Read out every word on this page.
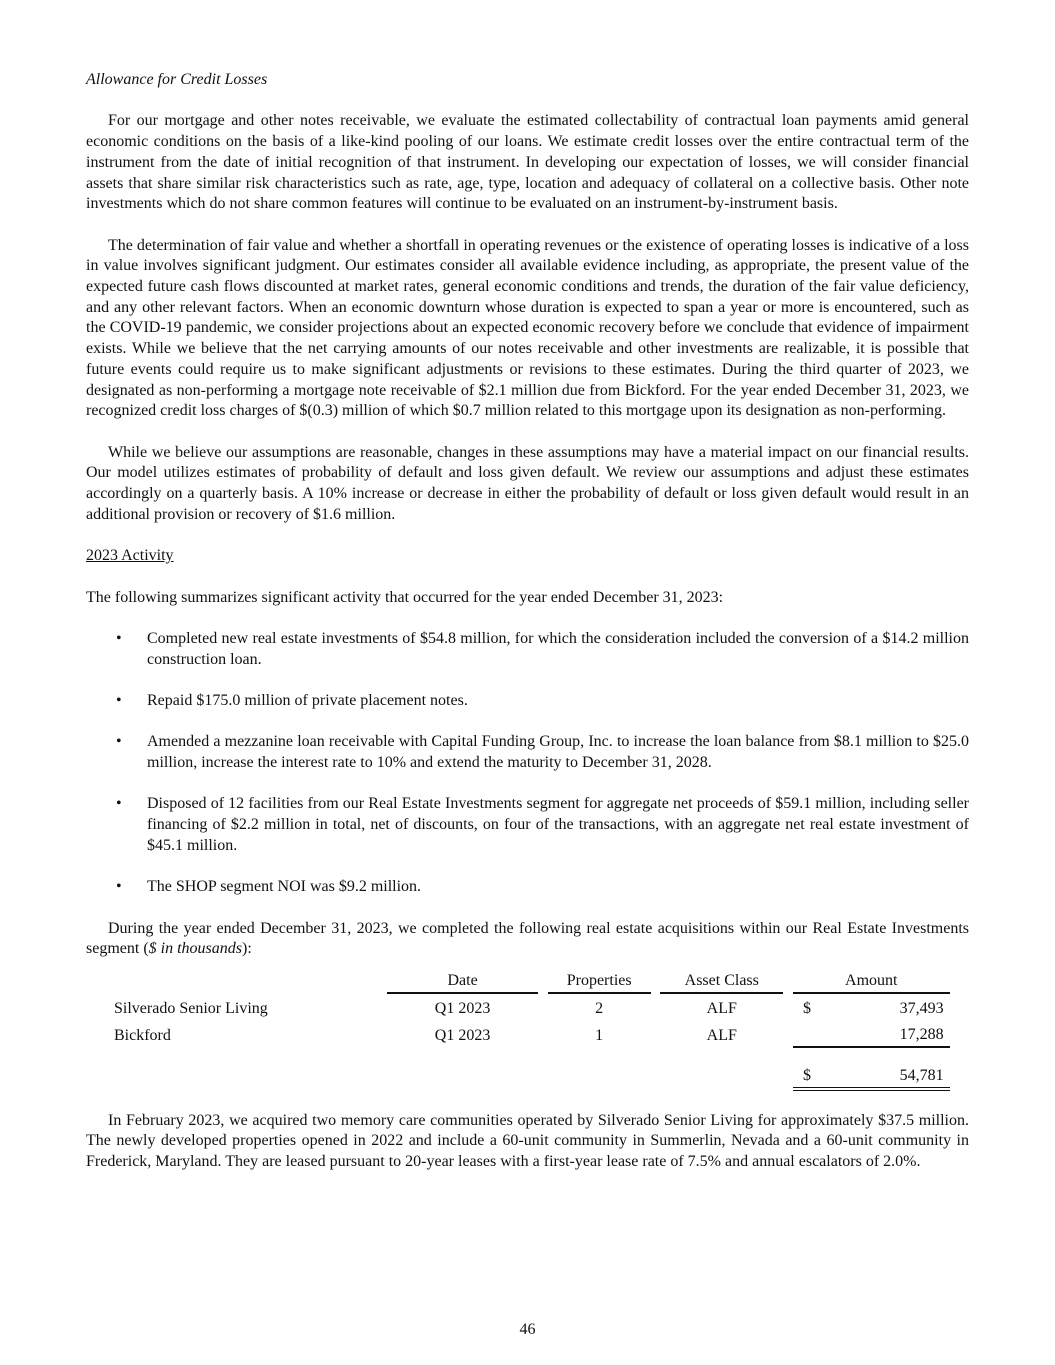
Allowance for Credit Losses

For our mortgage and other notes receivable, we evaluate the estimated collectability of contractual loan payments amid general economic conditions on the basis of a like-kind pooling of our loans. We estimate credit losses over the entire contractual term of the instrument from the date of initial recognition of that instrument. In developing our expectation of losses, we will consider financial assets that share similar risk characteristics such as rate, age, type, location and adequacy of collateral on a collective basis. Other note investments which do not share common features will continue to be evaluated on an instrument-by-instrument basis.

The determination of fair value and whether a shortfall in operating revenues or the existence of operating losses is indicative of a loss in value involves significant judgment. Our estimates consider all available evidence including, as appropriate, the present value of the expected future cash flows discounted at market rates, general economic conditions and trends, the duration of the fair value deficiency, and any other relevant factors. When an economic downturn whose duration is expected to span a year or more is encountered, such as the COVID-19 pandemic, we consider projections about an expected economic recovery before we conclude that evidence of impairment exists. While we believe that the net carrying amounts of our notes receivable and other investments are realizable, it is possible that future events could require us to make significant adjustments or revisions to these estimates. During the third quarter of 2023, we designated as non-performing a mortgage note receivable of $2.1 million due from Bickford. For the year ended December 31, 2023, we recognized credit loss charges of $(0.3) million of which $0.7 million related to this mortgage upon its designation as non-performing.

While we believe our assumptions are reasonable, changes in these assumptions may have a material impact on our financial results. Our model utilizes estimates of probability of default and loss given default. We review our assumptions and adjust these estimates accordingly on a quarterly basis. A 10% increase or decrease in either the probability of default or loss given default would result in an additional provision or recovery of $1.6 million.

2023 Activity

The following summarizes significant activity that occurred for the year ended December 31, 2023:

• Completed new real estate investments of $54.8 million, for which the consideration included the conversion of a $14.2 million construction loan.
• Repaid $175.0 million of private placement notes.
• Amended a mezzanine loan receivable with Capital Funding Group, Inc. to increase the loan balance from $8.1 million to $25.0 million, increase the interest rate to 10% and extend the maturity to December 31, 2028.
• Disposed of 12 facilities from our Real Estate Investments segment for aggregate net proceeds of $59.1 million, including seller financing of $2.2 million in total, net of discounts, on four of the transactions, with an aggregate net real estate investment of $45.1 million.
• The SHOP segment NOI was $9.2 million.

During the year ended December 31, 2023, we completed the following real estate acquisitions within our Real Estate Investments segment ($ in thousands):

	Date		Properties		Asset Class		Amount	
Silverado Senior Living	Q1 2023		2		ALF		$ 37,493	

Bickford	Q1 2023		1		ALF		17,288	

							$ 54,781	

In February 2023, we acquired two memory care communities operated by Silverado Senior Living for approximately $37.5 million. The newly developed properties opened in 2022 and include a 60-unit community in Summerlin, Nevada and a 60-unit community in Frederick, Maryland. They are leased pursuant to 20-year leases with a first-year lease rate of 7.5% and annual escalators of 2.0%.

46
